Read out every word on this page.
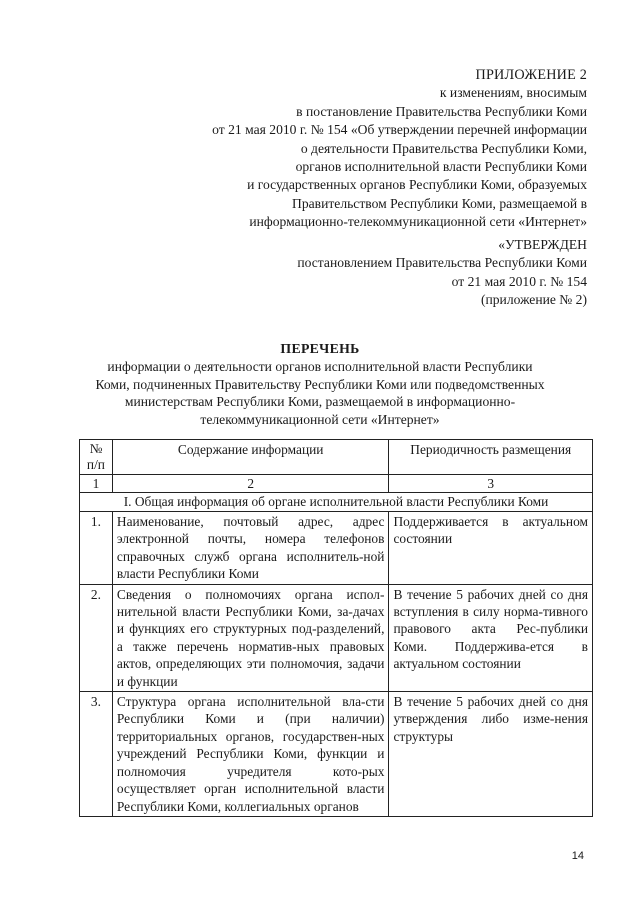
ПРИЛОЖЕНИЕ 2
к изменениям, вносимым
в постановление Правительства Республики Коми
от 21 мая 2010 г. № 154 «Об утверждении перечней информации
о деятельности Правительства Республики Коми,
органов исполнительной власти Республики Коми
и государственных органов Республики Коми, образуемых
Правительством Республики Коми, размещаемой в
информационно-телекоммуникационной сети «Интернет»
«УТВЕРЖДЕН
постановлением Правительства Республики Коми
от 21 мая 2010 г. № 154
(приложение № 2)
ПЕРЕЧЕНЬ
информации о деятельности органов исполнительной власти Республики
Коми, подчиненных Правительству Республики Коми или подведомственных
министерствам Республики Коми, размещаемой в информационно-
телекоммуникационной сети «Интернет»
№
п/п	Содержание информации	Периодичность размещения
1	2	3
I. Общая информация об органе исполнительной власти Республики Коми		
1.	Наименование, почтовый адрес, адрес электронной почты, номера телефонов справочных служб органа исполнитель-ной власти Республики Коми	Поддерживается в актуальном состоянии
2.	Сведения о полномочиях органа испол-нительной власти Республики Коми, за-дачах и функциях его структурных под-разделений, а также перечень норматив-ных правовых актов, определяющих эти полномочия, задачи и функции	В течение 5 рабочих дней со дня вступления в силу норма-тивного правового акта Рес-публики Коми. Поддержива-ется в актуальном состоянии
3.	Структура органа исполнительной вла-сти Республики Коми и (при наличии) территориальных органов, государствен-ных учреждений Республики Коми, функции и полномочия учредителя кото-рых осуществляет орган исполнительной власти Республики Коми, коллегиальных органов	В течение 5 рабочих дней со дня утверждения либо изме-нения структуры
14
